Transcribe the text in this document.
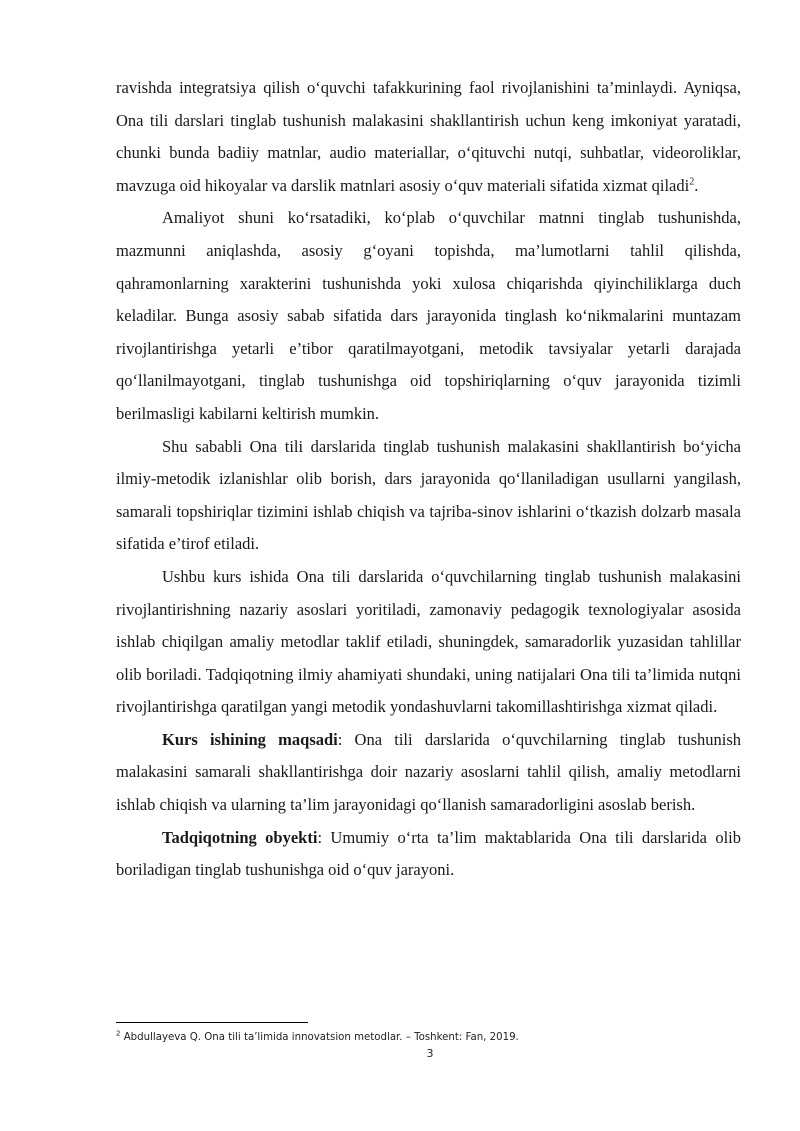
ravishda integratsiya qilish o‘quvchi tafakkurining faol rivojlanishini ta’minlaydi. Ayniqsa, Ona tili darslari tinglab tushunish malakasini shakllantirish uchun keng imkoniyat yaratadi, chunki bunda badiiy matnlar, audio materiallar, o‘qituvchi nutqi, suhbatlar, videoroliklar, mavzuga oid hikoyalar va darslik matnlari asosiy o‘quv materiali sifatida xizmat qiladi$^2$.

Amaliyot shuni ko‘rsatadiki, ko‘plab o‘quvchilar matnni tinglab tushunishda, mazmunni aniqlashda, asosiy g‘oyani topishda, ma’lumotlarni tahlil qilishda, qahramonlarning xarakterini tushunishda yoki xulosa chiqarishda qiyinchiliklarga duch keladilar. Bunga asosiy sabab sifatida dars jarayonida tinglash ko‘nikmalarini muntazam rivojlantirishga yetarli e’tibor qaratilmayotgani, metodik tavsiyalar yetarli darajada qo‘llanilmayotgani, tinglab tushunishga oid topshiriqlarning o‘quv jarayonida tizimli berilmasligi kabilarni keltirish mumkin.

Shu sababli Ona tili darslarida tinglab tushunish malakasini shakllantirish bo‘yicha ilmiy-metodik izlanishlar olib borish, dars jarayonida qo‘llaniladigan usullarni yangilash, samarali topshiriqlar tizimini ishlab chiqish va tajriba-sinov ishlarini o‘tkazish dolzarb masala sifatida e’tirof etiladi.

Ushbu kurs ishida Ona tili darslarida o‘quvchilarning tinglab tushunish malakasini rivojlantirishning nazariy asoslari yoritiladi, zamonaviy pedagogik texnologiyalar asosida ishlab chiqilgan amaliy metodlar taklif etiladi, shuningdek, samaradorlik yuzasidan tahlillar olib boriladi. Tadqiqotning ilmiy ahamiyati shundaki, uning natijalari Ona tili ta’limida nutqni rivojlantirishga qaratilgan yangi metodik yondashuvlarni takomillashtirishga xizmat qiladi.

Kurs ishining maqsadi: Ona tili darslarida o‘quvchilarning tinglab tushunish malakasini samarali shakllantirishga doir nazariy asoslarni tahlil qilish, amaliy metodlarni ishlab chiqish va ularning ta’lim jarayonidagi qo‘llanish samaradorligini asoslab berish.

Tadqiqotning obyekti: Umumiy o‘rta ta’lim maktablarida Ona tili darslarida olib boriladigan tinglab tushunishga oid o‘quv jarayoni.

$^2$ Abdullayeva Q. Ona tili ta’limida innovatsion metodlar. – Toshkent: Fan, 2019.
3
